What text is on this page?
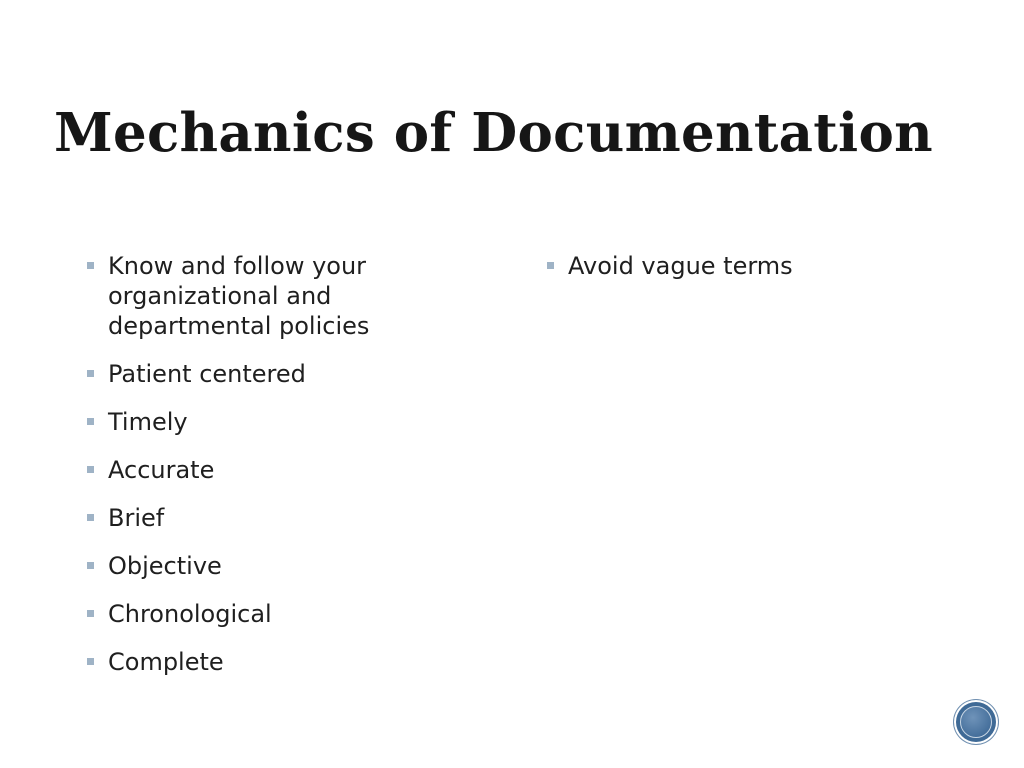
Mechanics of Documentation
Know and follow your organizational and departmental policies
Patient centered
Timely
Accurate
Brief
Objective
Chronological
Complete
Avoid vague terms
